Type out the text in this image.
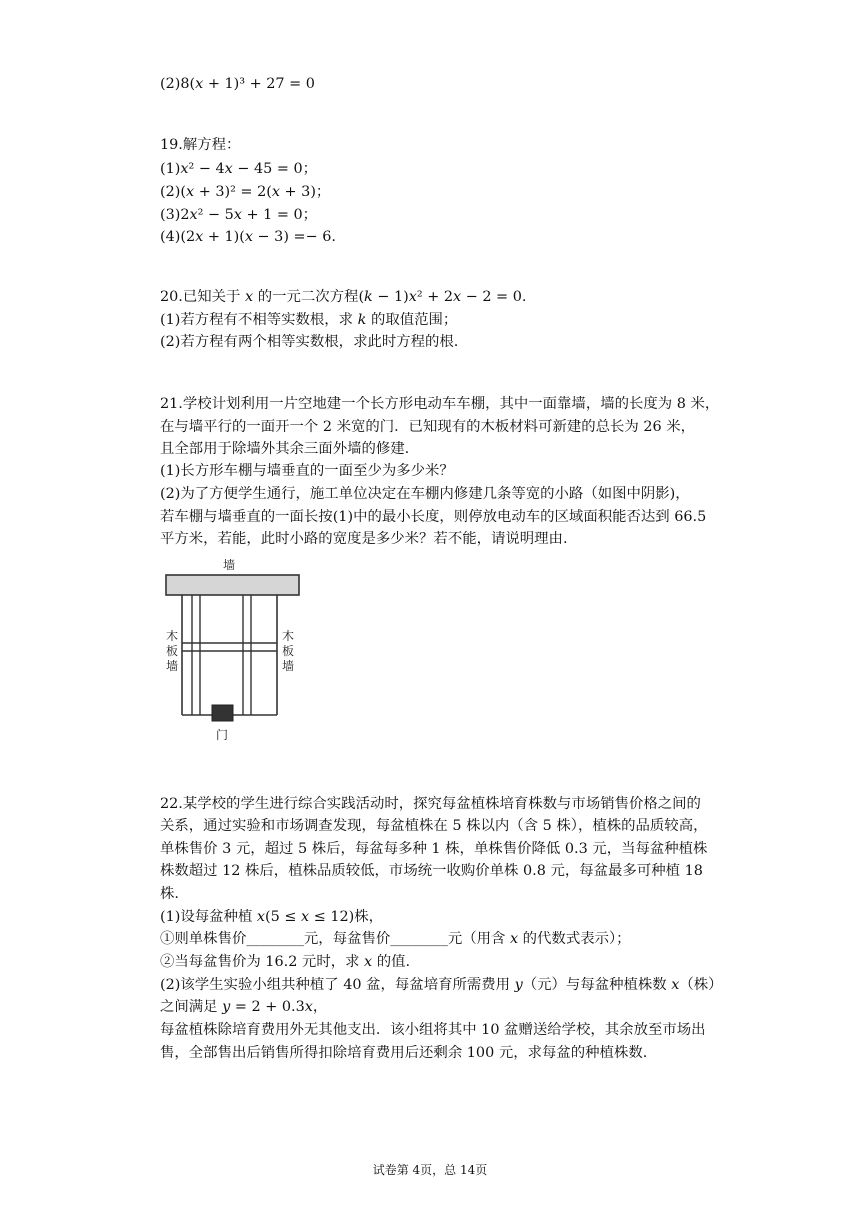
(2)8(𝑥 + 1)³ + 27 = 0

19.解方程：

(1)𝑥² − 4𝑥 − 45 = 0；

(2)(𝑥 + 3)² = 2(𝑥 + 3)；

(3)2𝑥² − 5𝑥 + 1 = 0；

(4)(2𝑥 + 1)(𝑥 − 3) =− 6.

20.已知关于 𝑥 的一元二次方程(𝑘 − 1)𝑥² + 2𝑥 − 2 = 0.

(1)若方程有不相等实数根，求 𝑘 的取值范围；

(2)若方程有两个相等实数根，求此时方程的根.

21.学校计划利用一片空地建一个长方形电动车车棚，其中一面靠墙，墙的长度为 8 米，

在与墙平行的一面开一个 2 米宽的门．已知现有的木板材料可新建的总长为 26 米，

且全部用于除墙外其余三面外墙的修建.

(1)长方形车棚与墙垂直的一面至少为多少米？

(2)为了方便学生通行，施工单位决定在车棚内修建几条等宽的小路（如图中阴影)，

若车棚与墙垂直的一面长按(1)中的最小长度，则停放电动车的区域面积能否达到 66.5

平方米，若能，此时小路的宽度是多少米？若不能，请说明理由.

墙
门
木
板
墙
木
板
墙

22.某学校的学生进行综合实践活动时，探究每盆植株培育株数与市场销售价格之间的

关系，通过实验和市场调查发现，每盆植株在 5 株以内（含 5 株），植株的品质较高，

单株售价 3 元，超过 5 株后，每盆每多种 1 株，单株售价降低 0.3 元，当每盆种植株

株数超过 12 株后，植株品质较低，市场统一收购价单株 0.8 元，每盆最多可种植 18

株.

(1)设每盆种植 𝑥(5 ≤ 𝑥 ≤ 12)株，

①则单株售价________元，每盆售价________元（用含 𝑥 的代数式表示）；

②当每盆售价为 16.2 元时，求 𝑥 的值.

(2)该学生实验小组共种植了 40 盆，每盆培育所需费用 𝑦（元）与每盆种植株数 𝑥（株）

之间满足 𝑦 = 2 + 0.3𝑥，

每盆植株除培育费用外无其他支出．该小组将其中 10 盆赠送给学校，其余放至市场出

售，全部售出后销售所得扣除培育费用后还剩余 100 元，求每盆的种植株数.

试卷第 4页，总 14页
